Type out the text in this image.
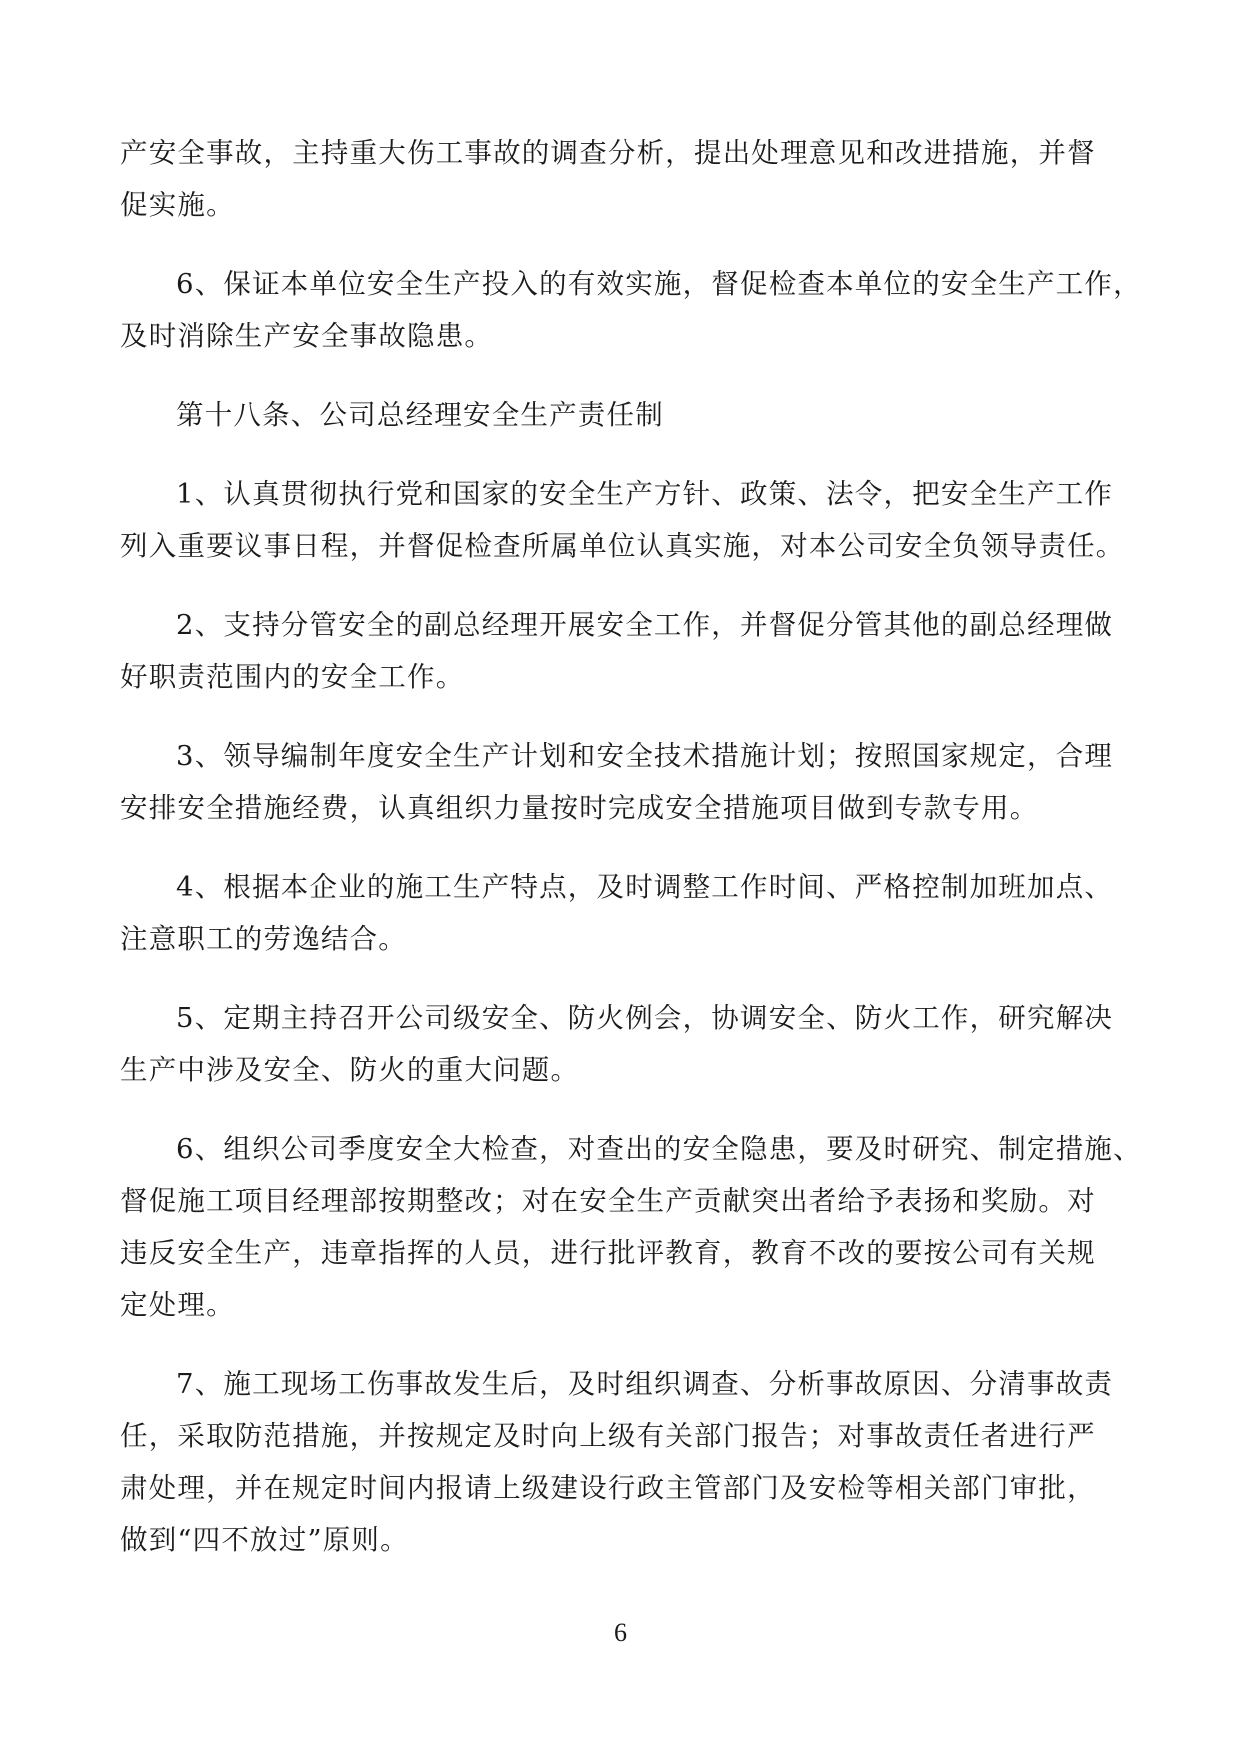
产安全事故，主持重大伤工事故的调查分析，提出处理意见和改进措施，并督
促实施。
6、保证本单位安全生产投入的有效实施，督促检查本单位的安全生产工作，
及时消除生产安全事故隐患。
第十八条、公司总经理安全生产责任制
1、认真贯彻执行党和国家的安全生产方针、政策、法令，把安全生产工作
列入重要议事日程，并督促检查所属单位认真实施，对本公司安全负领导责任。
2、支持分管安全的副总经理开展安全工作，并督促分管其他的副总经理做
好职责范围内的安全工作。
3、领导编制年度安全生产计划和安全技术措施计划；按照国家规定，合理
安排安全措施经费，认真组织力量按时完成安全措施项目做到专款专用。
4、根据本企业的施工生产特点，及时调整工作时间、严格控制加班加点、
注意职工的劳逸结合。
5、定期主持召开公司级安全、防火例会，协调安全、防火工作，研究解决
生产中涉及安全、防火的重大问题。
6、组织公司季度安全大检查，对查出的安全隐患，要及时研究、制定措施、
督促施工项目经理部按期整改；对在安全生产贡献突出者给予表扬和奖励。对
违反安全生产，违章指挥的人员，进行批评教育，教育不改的要按公司有关规
定处理。
7、施工现场工伤事故发生后，及时组织调查、分析事故原因、分清事故责
任，采取防范措施，并按规定及时向上级有关部门报告；对事故责任者进行严
肃处理，并在规定时间内报请上级建设行政主管部门及安检等相关部门审批，
做到“四不放过”原则。
6
